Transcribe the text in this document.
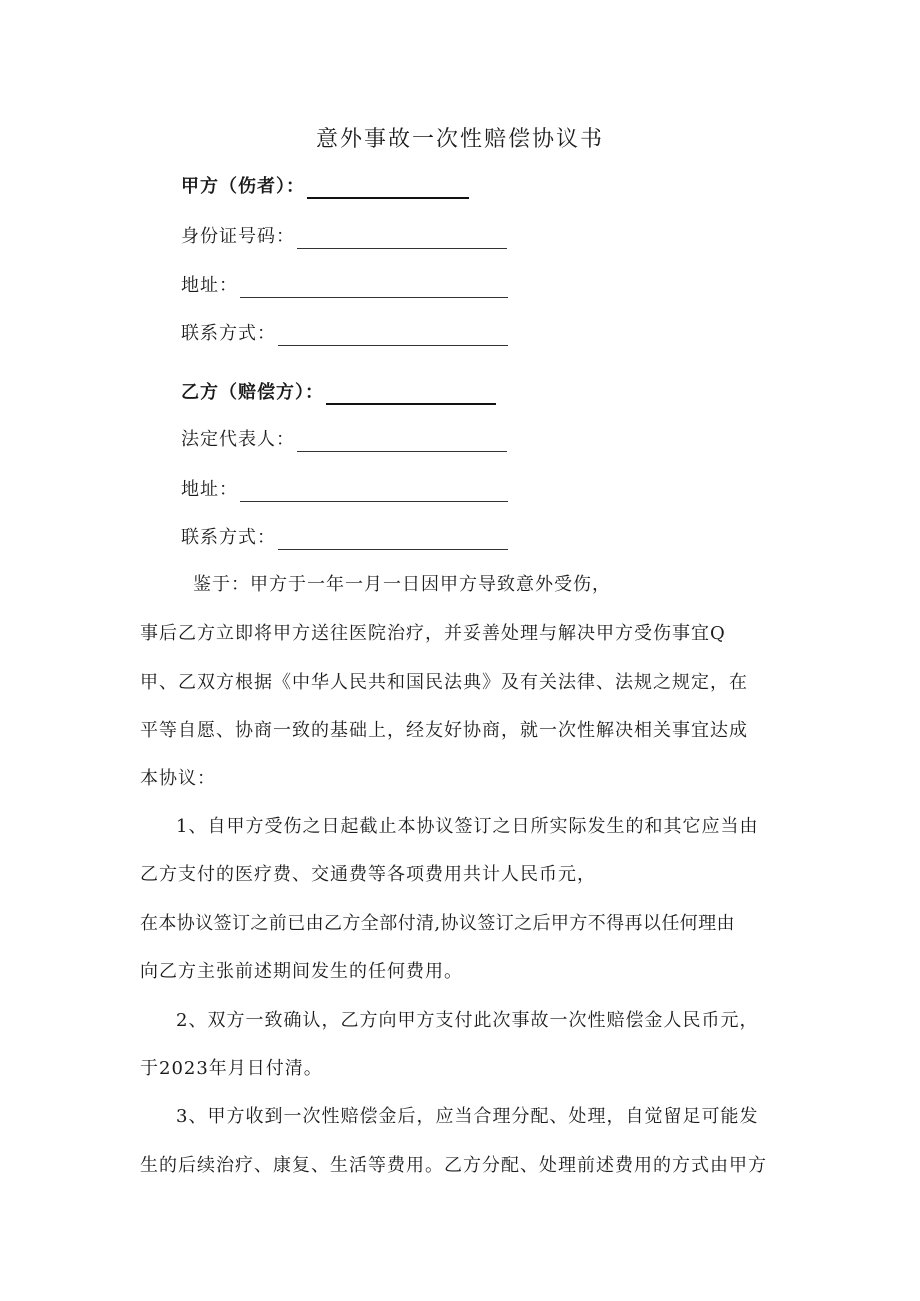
意外事故一次性赔偿协议书
甲方（伤者）：
身份证号码：
地址：
联系方式：
乙方（赔偿方）：
法定代表人：
地址：
联系方式：
鉴于：甲方于一年一月一日因甲方导致意外受伤，
事后乙方立即将甲方送往医院治疗，并妥善处理与解决甲方受伤事宜Q
甲、乙双方根据《中华人民共和国民法典》及有关法律、法规之规定，在
平等自愿、协商一致的基础上，经友好协商，就一次性解决相关事宜达成
本协议：
1、自甲方受伤之日起截止本协议签订之日所实际发生的和其它应当由
乙方支付的医疗费、交通费等各项费用共计人民币元，
在本协议签订之前已由乙方全部付清,协议签订之后甲方不得再以任何理由
向乙方主张前述期间发生的任何费用。
2、双方一致确认，乙方向甲方支付此次事故一次性赔偿金人民币元，
于2023年月日付清。
3、甲方收到一次性赔偿金后，应当合理分配、处理，自觉留足可能发
生的后续治疗、康复、生活等费用。乙方分配、处理前述费用的方式由甲方
